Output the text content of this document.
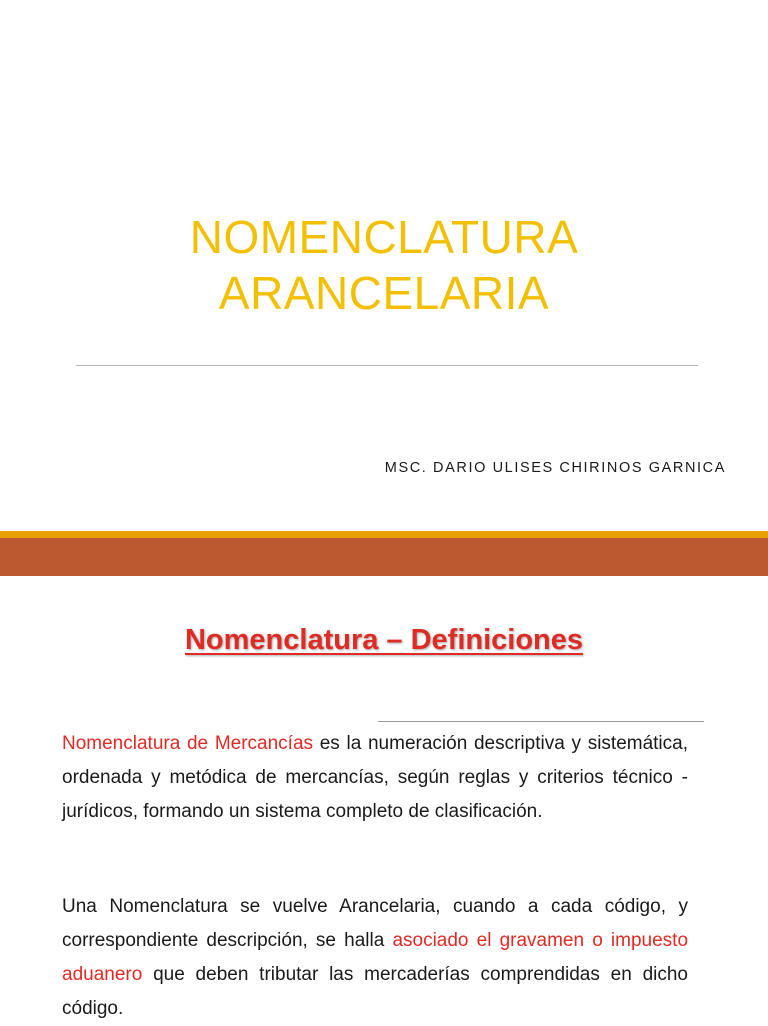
NOMENCLATURA
ARANCELARIA
MSC. DARIO ULISES CHIRINOS GARNICA
Nomenclatura – Definiciones

Nomenclatura de Mercancías es la numeración descriptiva y sistemática, ordenada y metódica de mercancías, según reglas y criterios técnico - jurídicos, formando un sistema completo de clasificación.

Una Nomenclatura se vuelve Arancelaria, cuando a cada código, y correspondiente descripción, se halla asociado el gravamen o impuesto aduanero que deben tributar las mercaderías comprendidas en dicho código.
